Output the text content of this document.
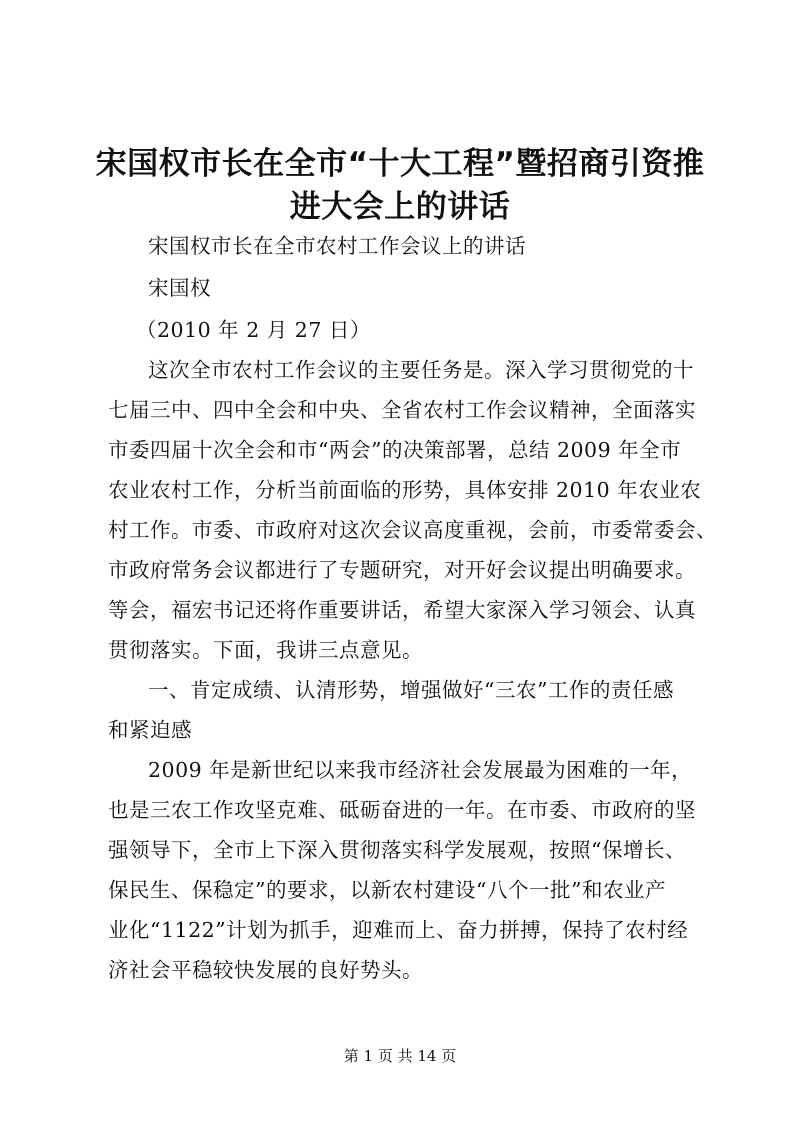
宋国权市长在全市“十大工程”暨招商引资推
进大会上的讲话
宋国权市长在全市农村工作会议上的讲话
宋国权
（2010 年 2 月 27 日）
这次全市农村工作会议的主要任务是。深入学习贯彻党的十
七届三中、四中全会和中央、全省农村工作会议精神，全面落实
市委四届十次全会和市“两会”的决策部署，总结 2009 年全市
农业农村工作，分析当前面临的形势，具体安排 2010 年农业农
村工作。市委、市政府对这次会议高度重视，会前，市委常委会、
市政府常务会议都进行了专题研究，对开好会议提出明确要求。
等会，福宏书记还将作重要讲话，希望大家深入学习领会、认真
贯彻落实。下面，我讲三点意见。
一、肯定成绩、认清形势，增强做好“三农”工作的责任感
和紧迫感
2009 年是新世纪以来我市经济社会发展最为困难的一年，
也是三农工作攻坚克难、砥砺奋进的一年。在市委、市政府的坚
强领导下，全市上下深入贯彻落实科学发展观，按照“保增长、
保民生、保稳定”的要求，以新农村建设“八个一批”和农业产
业化“1122”计划为抓手，迎难而上、奋力拼搏，保持了农村经
济社会平稳较快发展的良好势头。
第 1 页 共 14 页
